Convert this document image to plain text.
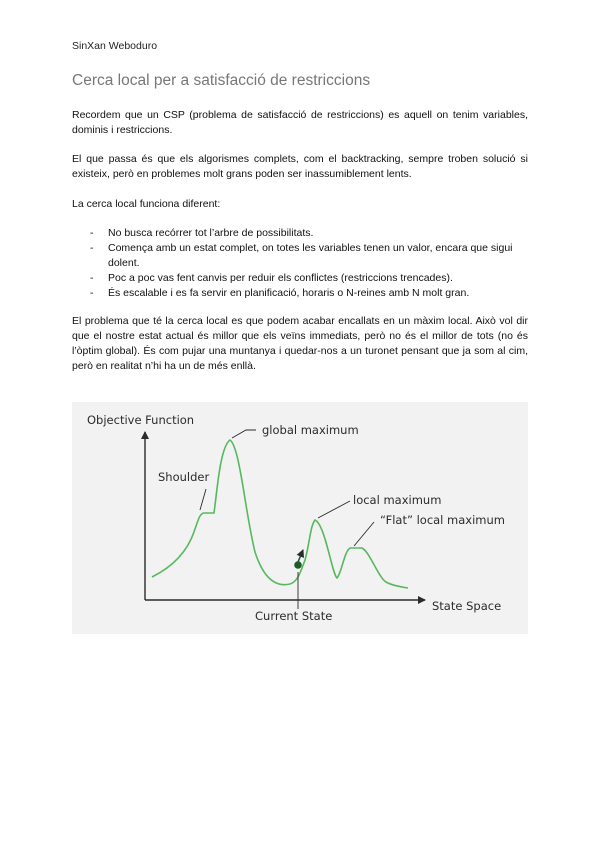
SinXan Weboduro
Cerca local per a satisfacció de restriccions

Recordem que un CSP (problema de satisfacció de restriccions) es aquell on tenim variables, dominis i restriccions.

El que passa és que els algorismes complets, com el backtracking, sempre troben solució si existeix, però en problemes molt grans poden ser inassumiblement lents.

La cerca local funciona diferent:

- No busca recórrer tot l’arbre de possibilitats.
- Comença amb un estat complet, on totes les variables tenen un valor, encara que sigui dolent.
- Poc a poc vas fent canvis per reduir els conflictes (restriccions trencades).
- És escalable i es fa servir en planificació, horaris o N-reines amb N molt gran.

El problema que té la cerca local es que podem acabar encallats en un màxim local. Això vol dir que el nostre estat actual és millor que els veïns immediats, però no és el millor de tots (no és l’òptim global). És com pujar una muntanya i quedar-nos a un turonet pensant que ja som al cim, però en realitat n’hi ha un de més enllà.

Objective Function
State Space
global maximum
Shoulder
local maximum
“Flat” local maximum
Current State
